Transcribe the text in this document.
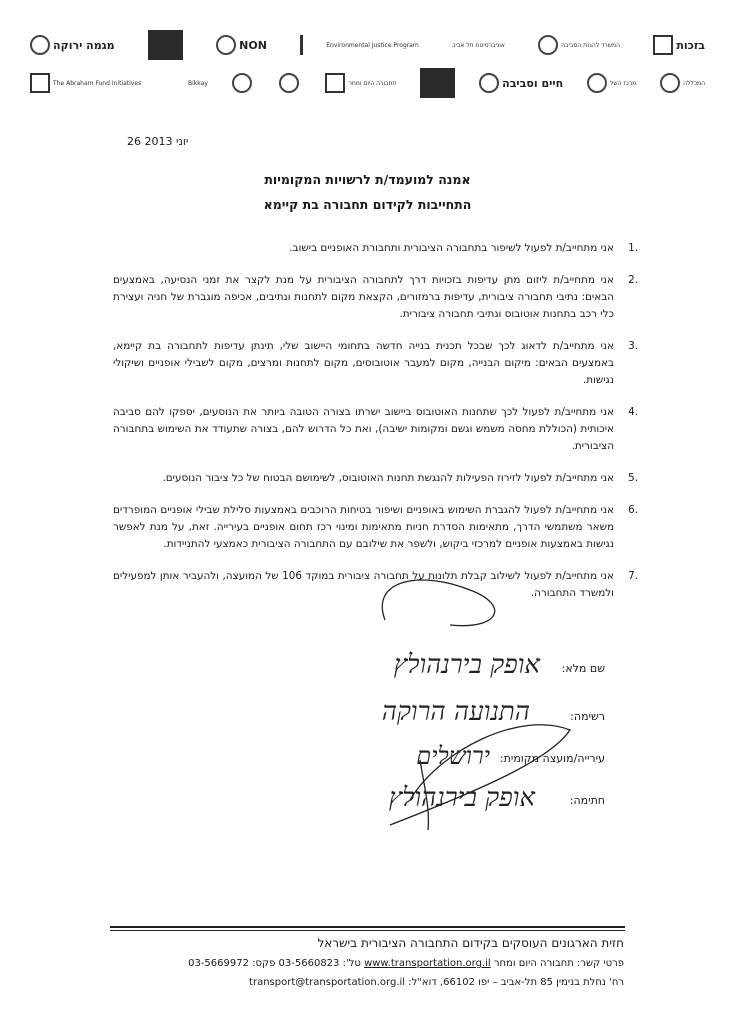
בזכות
המשרד להגנת הסביבה
אוניברסיטת תל אביב
Environmental Justice Program
NON
מגמה ירוקה
המכללה
מרכז השל
חיים וסביבה
תחבורה היום ומחר
Bikkay
The Abraham Fund Initiatives
26 יוני 2013
אמנה למועמד/ת לרשויות המקומיות
התחייבות לקידום תחבורה בת קיימא
1.
אני מתחייב/ת לפעול לשיפור בתחבורה הציבורית ותחבורת האופניים בישוב.
2.
אני מתחייב/ת ליזום מתן עדיפות בזכויות דרך לתחבורה הציבורית על מנת לקצר את זמני הנסיעה, באמצעים הבאים: נתיבי תחבורה ציבורית, עדיפות ברמזורים, הקצאת מקום לתחנות ונתיבים, אכיפה מוגברת של חניה ועצירת כלי רכב בתחנות אוטובוס ונתיבי תחבורה ציבורית.
3.
אני מתחייב/ת לדאוג לכך שבכל תכנית בנייה חדשה בתחומי היישוב שלי, תינתן עדיפות לתחבורה בת קיימא, באמצעים הבאים: מיקום הבנייה, מקום למעבר אוטובוסים, מקום לתחנות ומרצים, מקום לשבילי אופניים ושיקולי נגישות.
4.
אני מתחייב/ת לפעול לכך שתחנות האוטובוס ביישוב ישרתו בצורה הטובה ביותר את הנוסעים, יספקו להם סביבה איכותית (הכוללת מחסה משמש וגשם ומקומות ישיבה), ואת כל הדרוש להם, בצורה שתעודד את השימוש בתחבורה הציבורית.
5.
אני מתחייב/ת לפעול לזירוז הפעילות להנגשת תחנות האוטובוס, לשימושם הבטוח של כל ציבור הנוסעים.
6.
אני מתחייב/ת לפעול להגברת השימוש באופניים ושיפור בטיחות הרוכבים באמצעות סלילת שבילי אופניים המופרדים משאר משתמשי הדרך, מתאימות הסדרת חניות מתאימות ומינוי רכז תחום אופניים בעירייה. זאת, על מנת לאפשר נגישות באמצעות אופניים למרכזי ביקוש, ולשפר את שילובם עם התחבורה הציבורית כאמצעי להתניידות.
7.
אני מתחייב/ת לפעול לשילוב קבלת תלונות על תחבורה ציבורית במוקד 106 של המועצה, ולהעביר אותן למפעילים ולמשרד התחבורה.
שם מלא:
אופק בירנהולץ
רשימה:
התנועה הרוקה
עירייה/מועצה מקומית:
ירושלים
חתימה:
אופק בירנהולץ
חזית הארגונים העוסקים בקידום התחבורה הציבורית בישראל
פרטי קשר: תחבורה היום ומחר www.transportation.org.il טל': 03-5660823 פקס: 03-5669972
רח' נחלת בנימין 85 תל-אביב – יפו 66102, דוא"ל: transport@transportation.org.il
